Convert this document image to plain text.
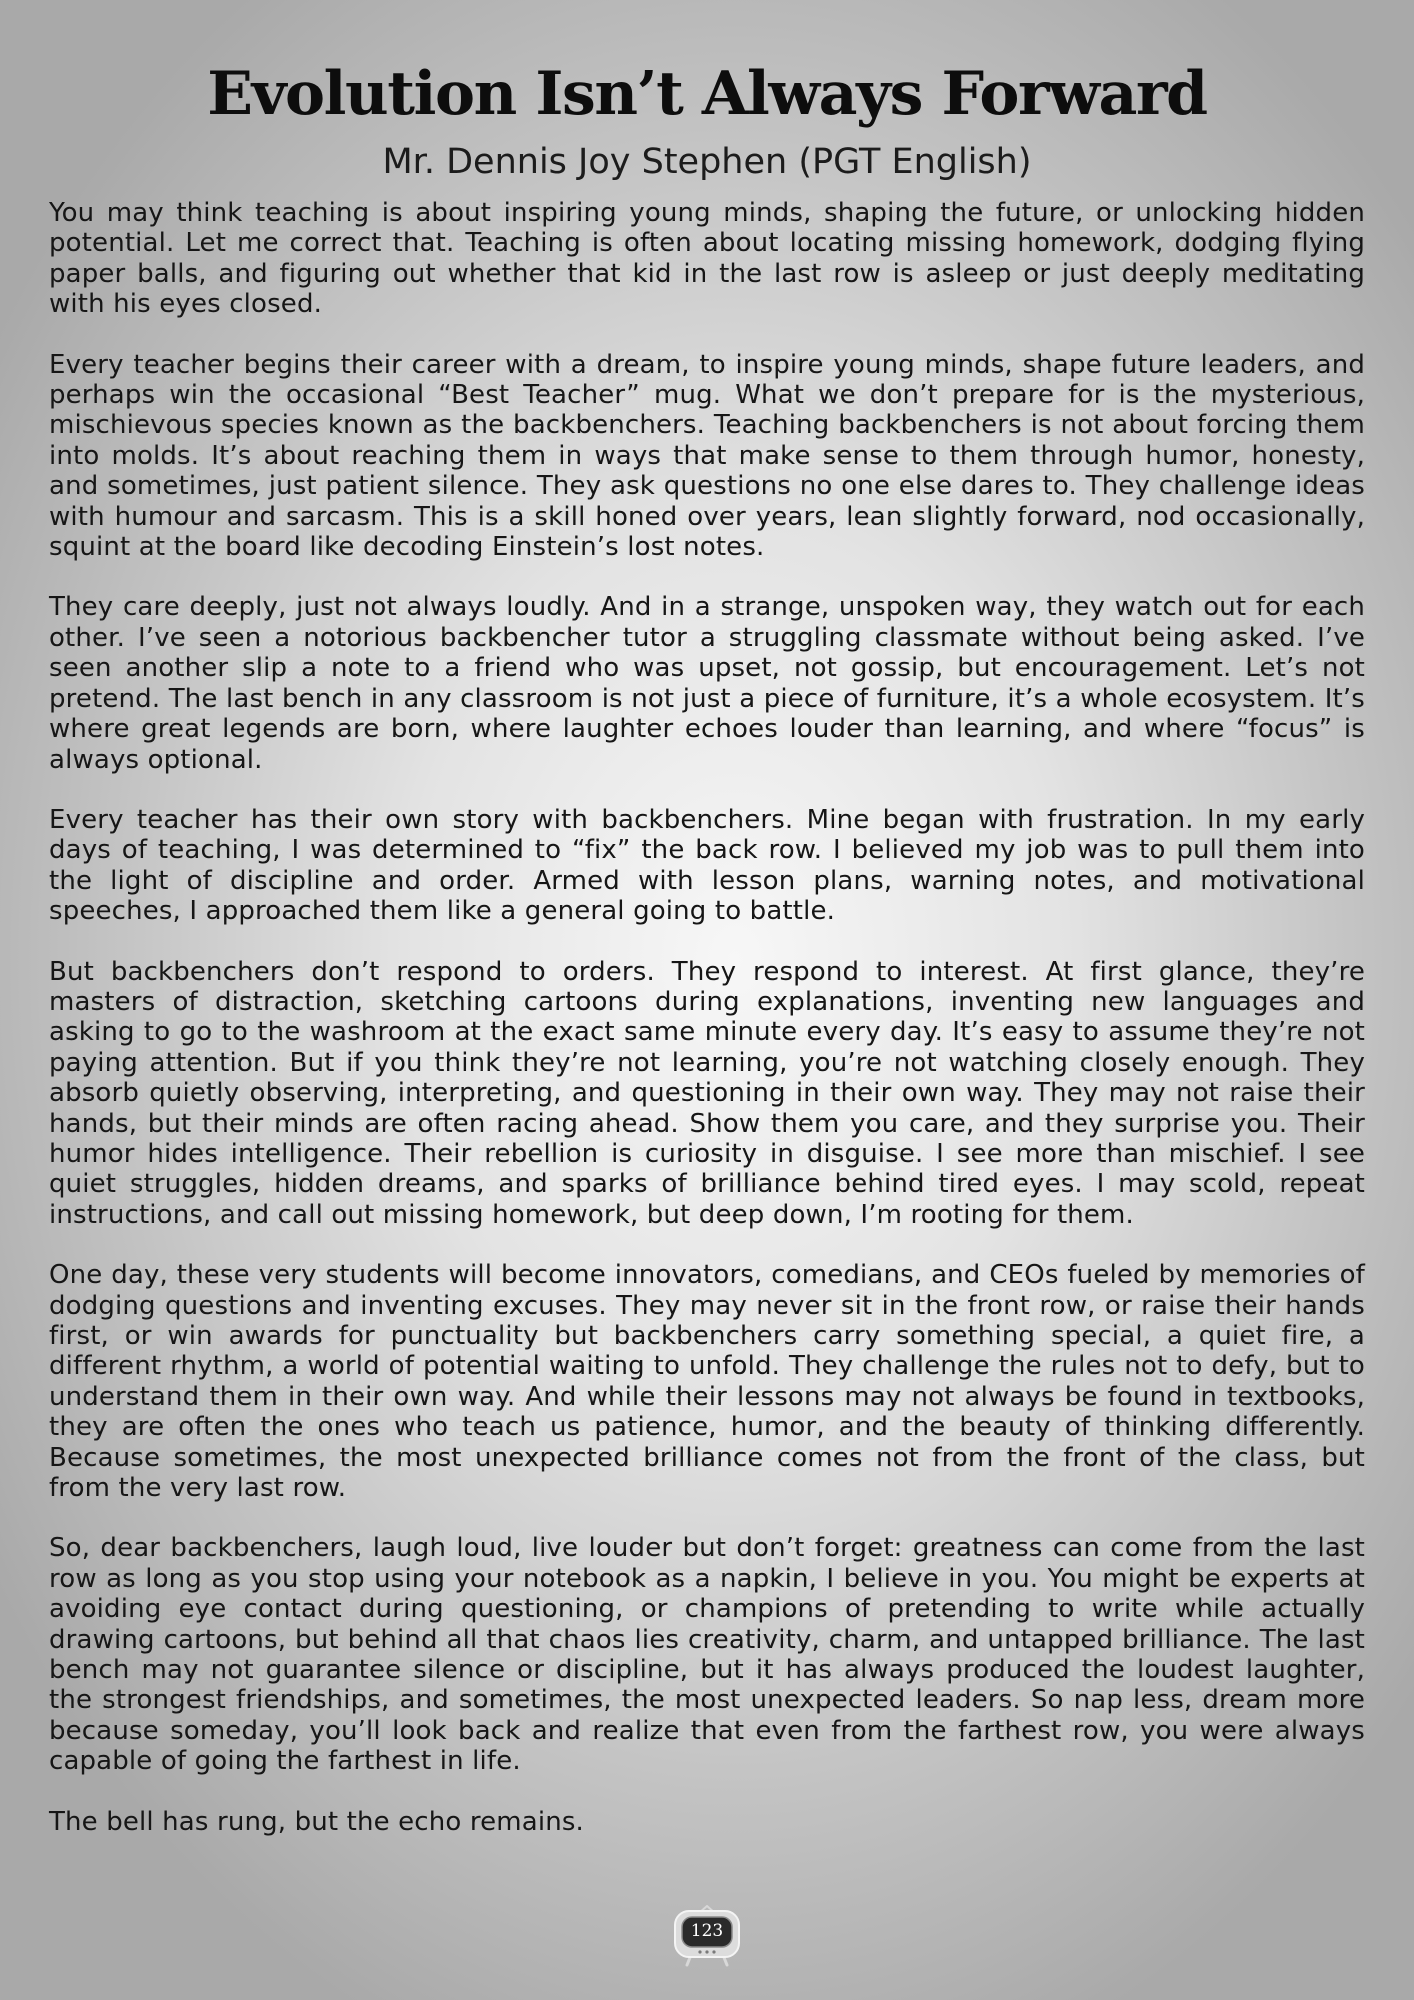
Evolution Isn’t Always Forward
Mr. Dennis Joy Stephen (PGT English)

You may think teaching is about inspiring young minds, shaping the future, or unlocking hidden potential. Let me correct that. Teaching is often about locating missing homework, dodging flying paper balls, and figuring out whether that kid in the last row is asleep or just deeply meditating with his eyes closed.

Every teacher begins their career with a dream, to inspire young minds, shape future leaders, and perhaps win the occasional “Best Teacher” mug. What we don’t prepare for is the mysterious, mischievous species known as the backbenchers. Teaching backbenchers is not about forcing them into molds. It’s about reaching them in ways that make sense to them through humor, honesty, and sometimes, just patient silence. They ask questions no one else dares to. They challenge ideas with humour and sarcasm. This is a skill honed over years, lean slightly forward, nod occasionally, squint at the board like decoding Einstein’s lost notes.

They care deeply, just not always loudly. And in a strange, unspoken way, they watch out for each other. I’ve seen a notorious backbencher tutor a struggling classmate without being asked. I’ve seen another slip a note to a friend who was upset, not gossip, but encouragement. Let’s not pretend. The last bench in any classroom is not just a piece of furniture, it’s a whole ecosystem. It’s where great legends are born, where laughter echoes louder than learning, and where “focus” is always optional.

Every teacher has their own story with backbenchers. Mine began with frustration. In my early days of teaching, I was determined to “fix” the back row. I believed my job was to pull them into the light of discipline and order. Armed with lesson plans, warning notes, and motivational speeches, I approached them like a general going to battle.

But backbenchers don’t respond to orders. They respond to interest. At first glance, they’re masters of distraction, sketching cartoons during explanations, inventing new languages and asking to go to the washroom at the exact same minute every day. It’s easy to assume they’re not paying attention. But if you think they’re not learning, you’re not watching closely enough. They absorb quietly observing, interpreting, and questioning in their own way. They may not raise their hands, but their minds are often racing ahead. Show them you care, and they surprise you. Their humor hides intelligence. Their rebellion is curiosity in disguise. I see more than mischief. I see quiet struggles, hidden dreams, and sparks of brilliance behind tired eyes. I may scold, repeat instructions, and call out missing homework, but deep down, I’m rooting for them.

One day, these very students will become innovators, comedians, and CEOs fueled by memories of dodging questions and inventing excuses. They may never sit in the front row, or raise their hands first, or win awards for punctuality but backbenchers carry something special, a quiet fire, a different rhythm, a world of potential waiting to unfold. They challenge the rules not to defy, but to understand them in their own way. And while their lessons may not always be found in textbooks, they are often the ones who teach us patience, humor, and the beauty of thinking differently. Because sometimes, the most unexpected brilliance comes not from the front of the class, but from the very last row.

So, dear backbenchers, laugh loud, live louder but don’t forget: greatness can come from the last row as long as you stop using your notebook as a napkin, I believe in you. You might be experts at avoiding eye contact during questioning, or champions of pretending to write while actually drawing cartoons, but behind all that chaos lies creativity, charm, and untapped brilliance. The last bench may not guarantee silence or discipline, but it has always produced the loudest laughter, the strongest friendships, and sometimes, the most unexpected leaders. So nap less, dream more because someday, you’ll look back and realize that even from the farthest row, you were always capable of going the farthest in life.

The bell has rung, but the echo remains.

123
